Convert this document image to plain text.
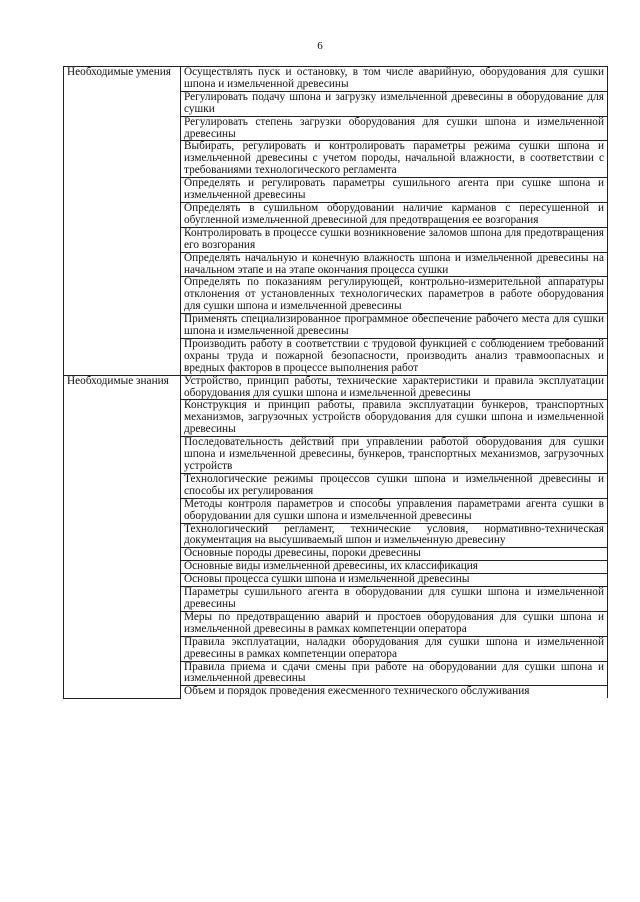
6
Необходимые умения	Осуществлять пуск и остановку, в том числе аварийную, оборудования для сушки шпона и измельченной древесины
	Регулировать подачу шпона и загрузку измельченной древесины в оборудование для сушки
	Регулировать степень загрузки оборудования для сушки шпона и измельченной древесины
	Выбирать, регулировать и контролировать параметры режима сушки шпона и измельченной древесины с учетом породы, начальной влажности, в соответствии с требованиями технологического регламента
	Определять и регулировать параметры сушильного агента при сушке шпона и измельченной древесины
	Определять в сушильном оборудовании наличие карманов с пересушенной и обугленной измельченной древесиной для предотвращения ее возгорания
	Контролировать в процессе сушки возникновение заломов шпона для предотвращения его возгорания
	Определять начальную и конечную влажность шпона и измельченной древесины на начальном этапе и на этапе окончания процесса сушки
	Определять по показаниям регулирующей, контрольно-измерительной аппаратуры отклонения от установленных технологических параметров в работе оборудования для сушки шпона и измельченной древесины
	Применять специализированное программное обеспечение рабочего места для сушки шпона и измельченной древесины
	Производить работу в соответствии с трудовой функцией с соблюдением требований охраны труда и пожарной безопасности, производить анализ травмоопасных и вредных факторов в процессе выполнения работ
Необходимые знания	Устройство, принцип работы, технические характеристики и правила эксплуатации оборудования для сушки шпона и измельченной древесины
	Конструкция и принцип работы, правила эксплуатации бункеров, транспортных механизмов, загрузочных устройств оборудования для сушки шпона и измельченной древесины
	Последовательность действий при управлении работой оборудования для сушки шпона и измельченной древесины, бункеров, транспортных механизмов, загрузочных устройств
	Технологические режимы процессов сушки шпона и измельченной древесины и способы их регулирования
	Методы контроля параметров и способы управления параметрами агента сушки в оборудовании для сушки шпона и измельченной древесины
	Технологический регламент, технические условия, нормативно-техническая документация на высушиваемый шпон и измельченную древесину
	Основные породы древесины, пороки древесины
	Основные виды измельченной древесины, их классификация
	Основы процесса сушки шпона и измельченной древесины
	Параметры сушильного агента в оборудовании для сушки шпона и измельченной древесины
	Меры по предотвращению аварий и простоев оборудования для сушки шпона и измельченной древесины в рамках компетенции оператора
	Правила эксплуатации, наладки оборудования для сушки шпона и измельченной древесины в рамках компетенции оператора
	Правила приема и сдачи смены при работе на оборудовании для сушки шпона и измельченной древесины
	Объем и порядок проведения ежесменного технического обслуживания
